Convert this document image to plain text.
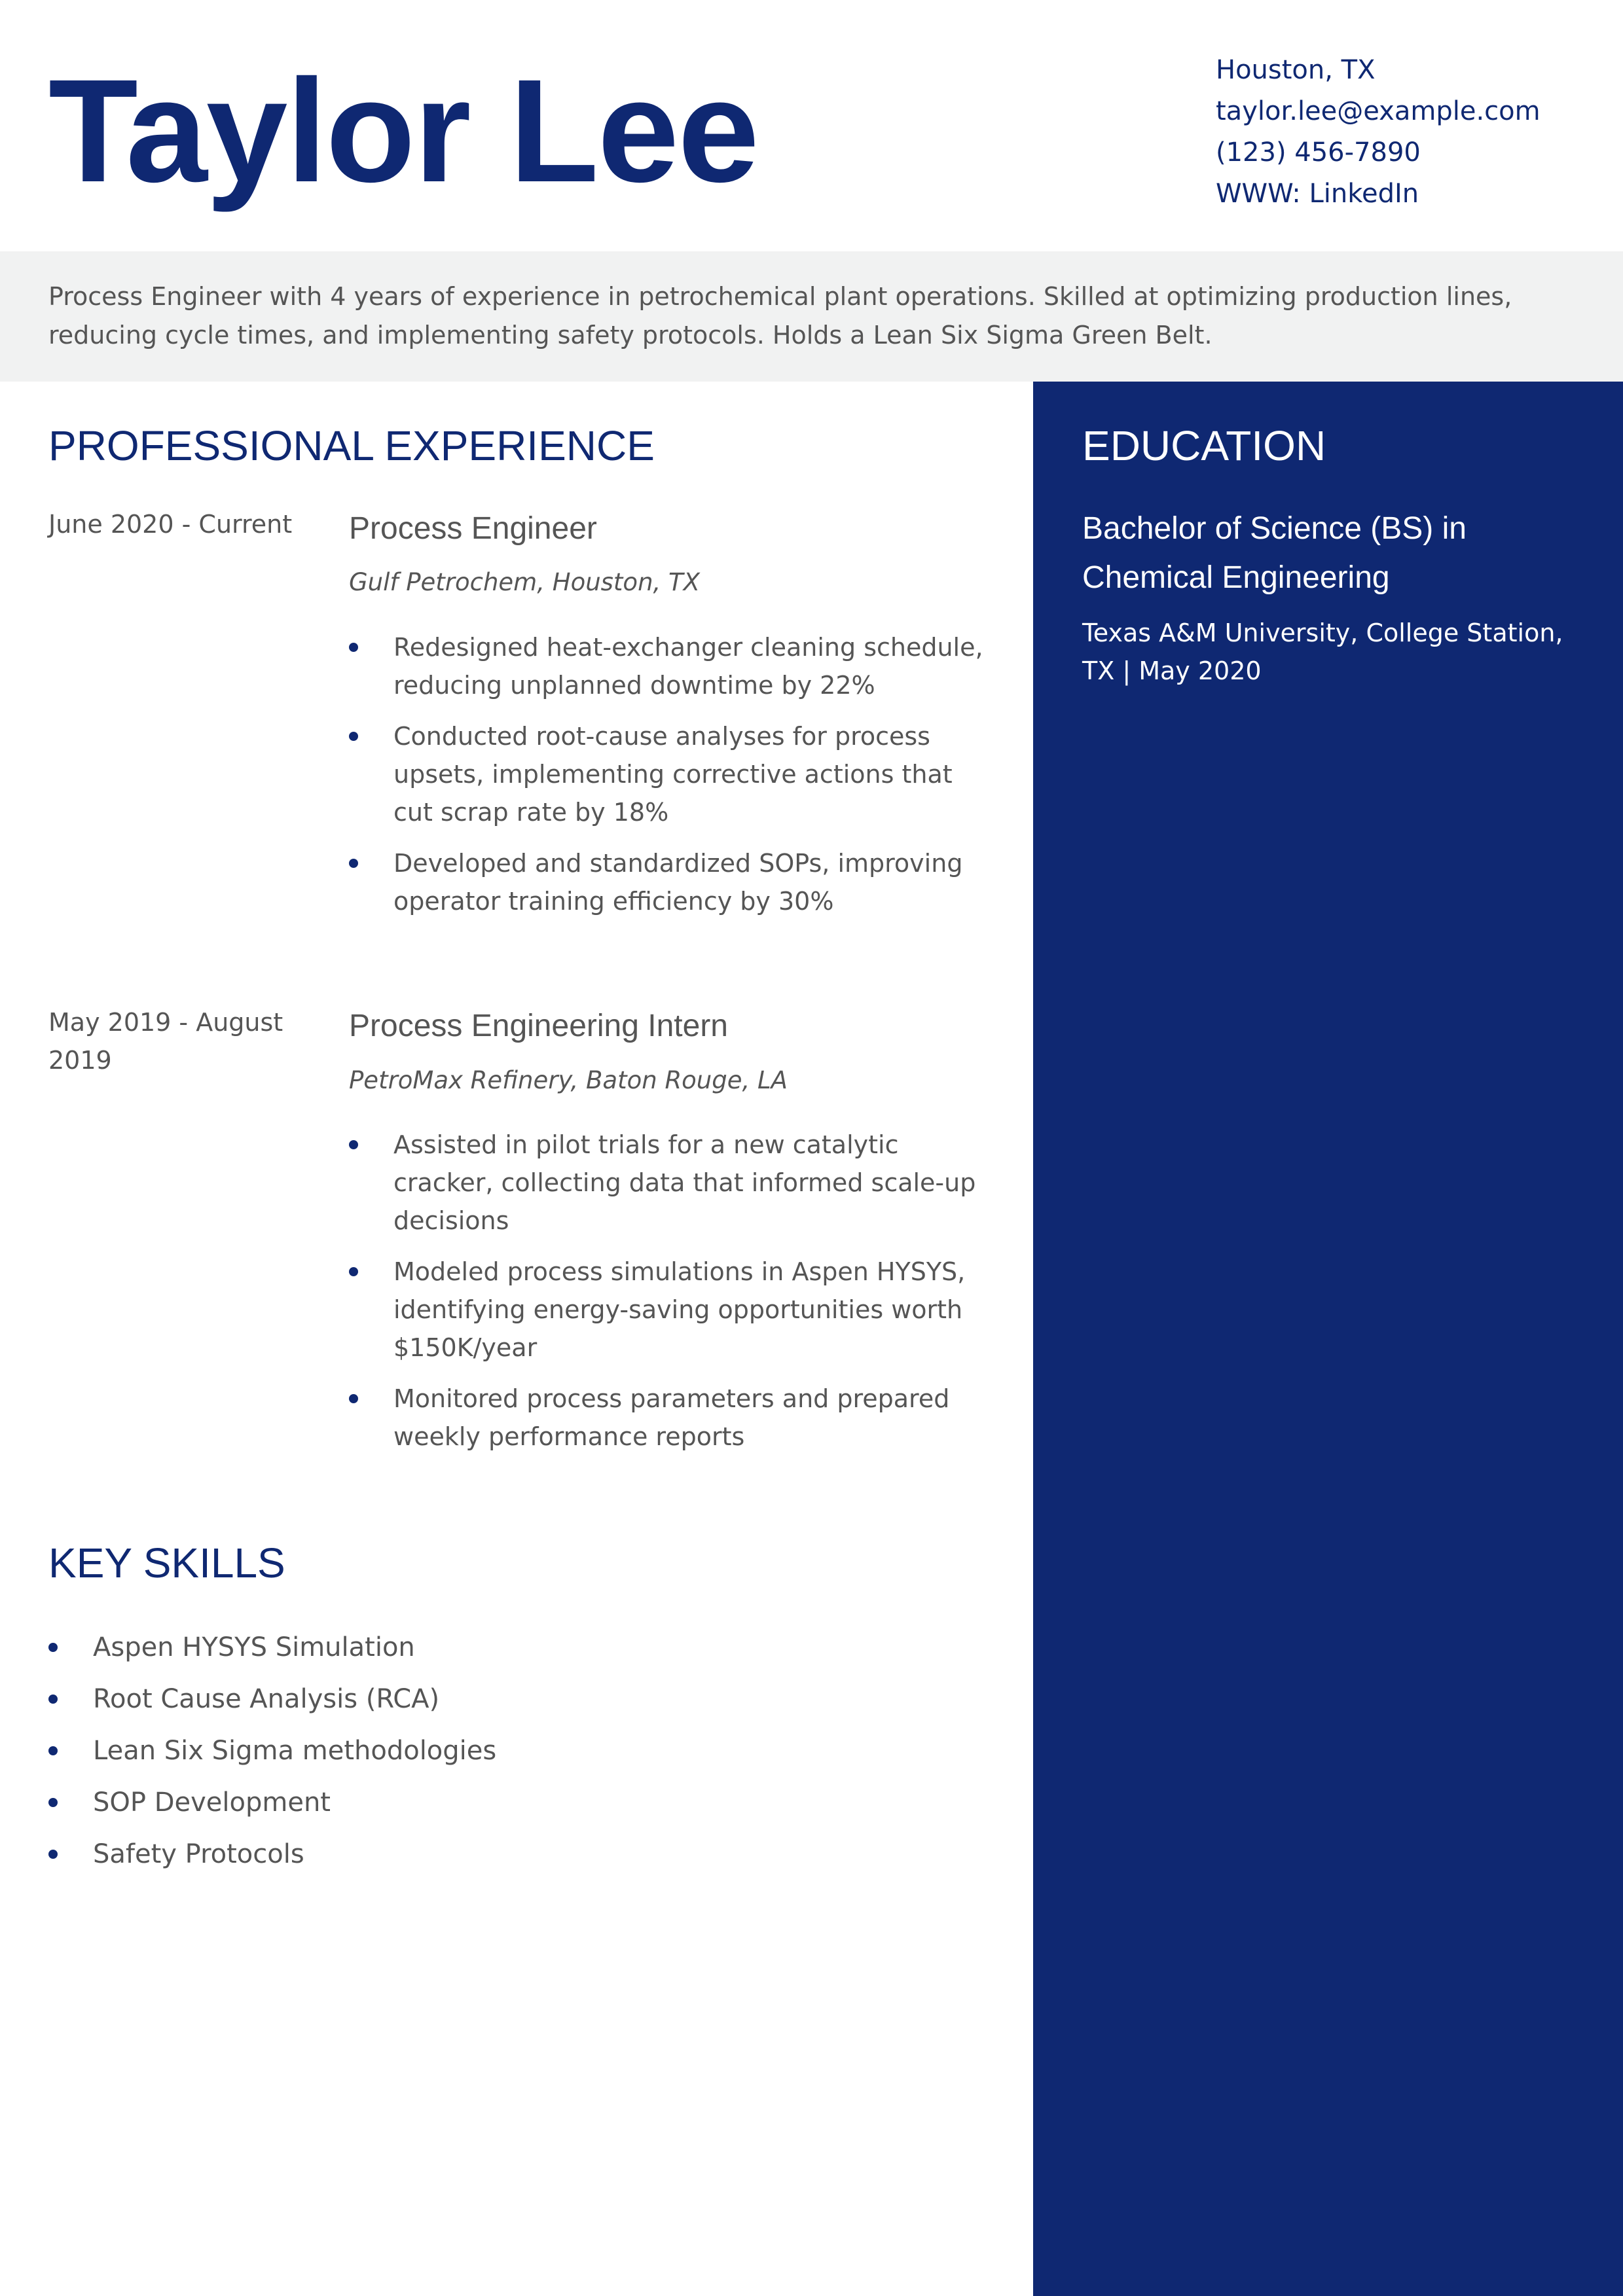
Taylor Lee	Houston, TX
taylor.lee@example.com
(123) 456-7890
WWW: LinkedIn

Process Engineer with 4 years of experience in petrochemical plant operations. Skilled at optimizing production lines, reducing cycle times, and implementing safety protocols. Holds a Lean Six Sigma Green Belt.

PROFESSIONAL EXPERIENCE

June 2020 - Current	Process Engineer

Gulf Petrochem, Houston, TX

Redesigned heat-exchanger cleaning schedule, reducing unplanned downtime by 22%
Conducted root-cause analyses for process upsets, implementing corrective actions that cut scrap rate by 18%
Developed and standardized SOPs, improving operator training efficiency by 30%

May 2019 - August 2019

Process Engineering Intern

PetroMax Refinery, Baton Rouge, LA

Assisted in pilot trials for a new catalytic cracker, collecting data that informed scale-up decisions
Modeled process simulations in Aspen HYSYS, identifying energy-saving opportunities worth $150K/year
Monitored process parameters and prepared weekly performance reports
KEY SKILLS
Aspen HYSYS Simulation
Root Cause Analysis (RCA)
Lean Six Sigma methodologies
SOP Development
Safety Protocols
EDUCATION
Bachelor of Science (BS) in Chemical Engineering

Texas A&M University, College Station, TX | May 2020
